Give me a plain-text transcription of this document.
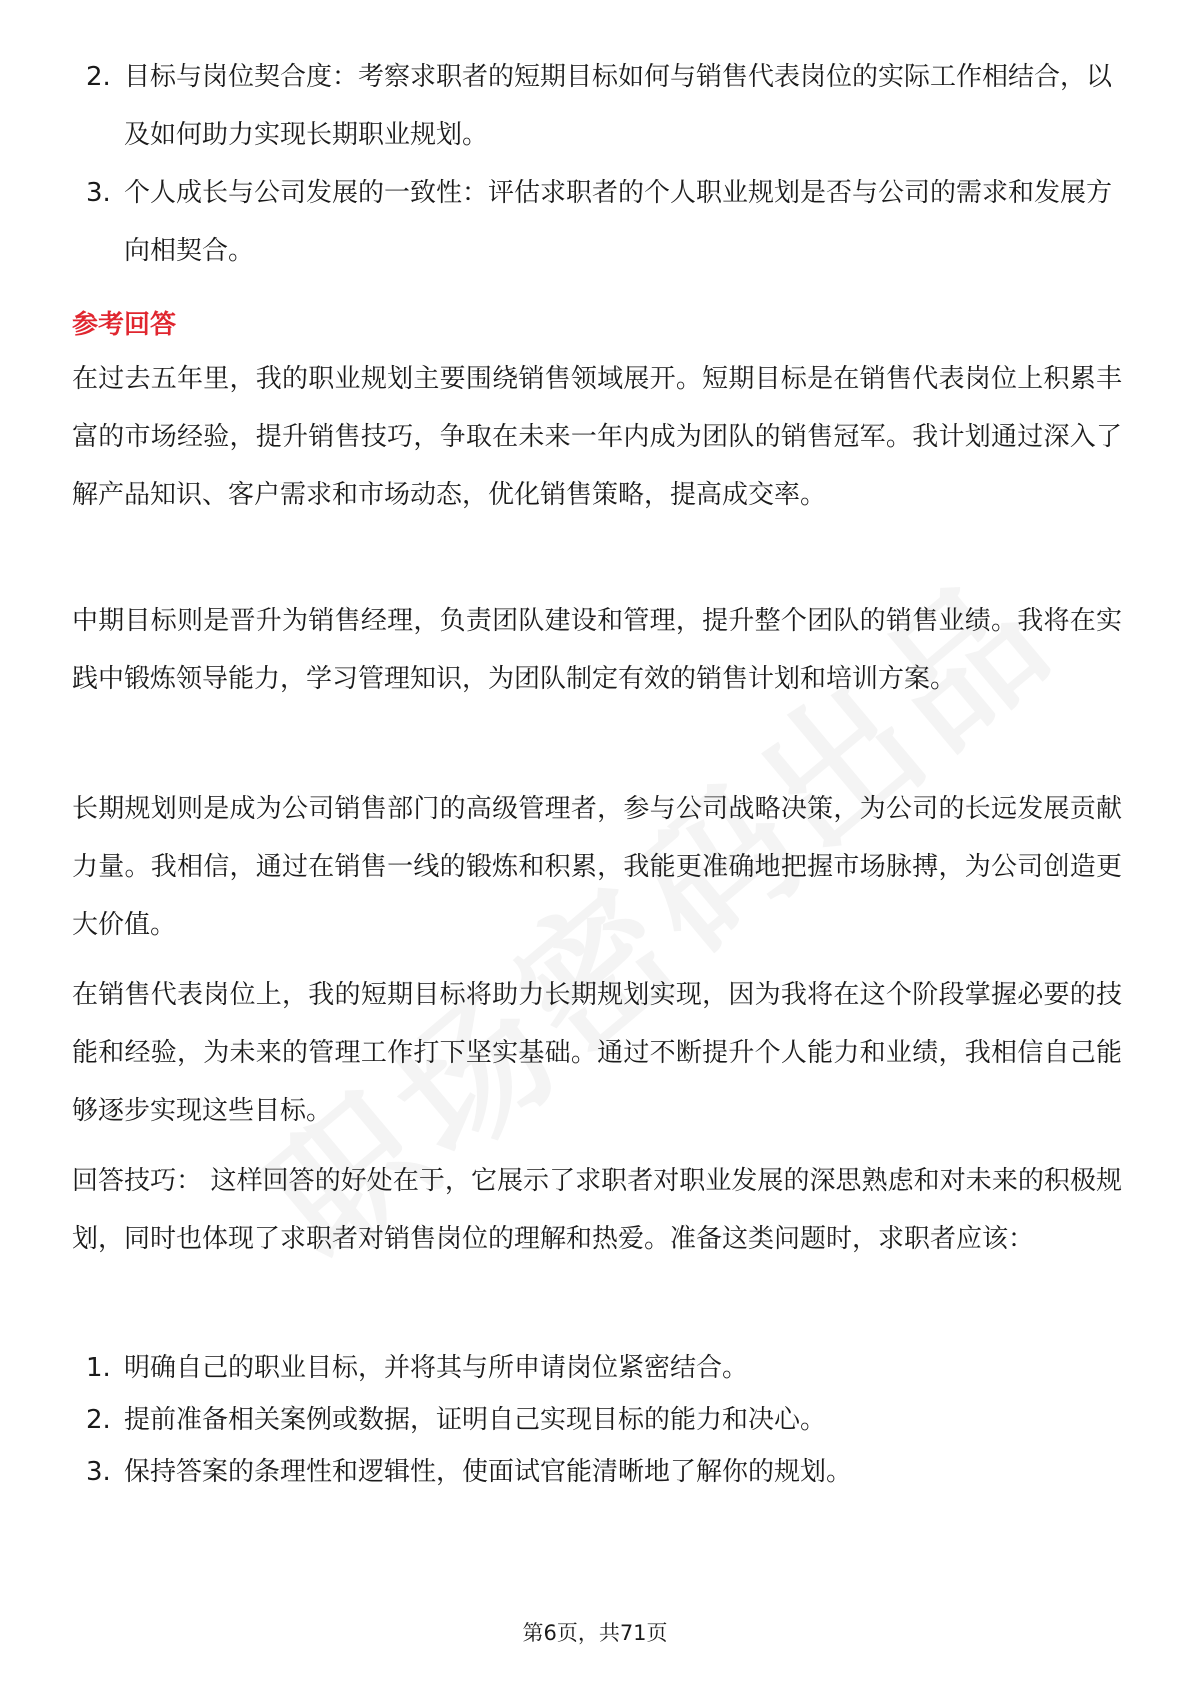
2. 目标与岗位契合度：考察求职者的短期目标如何与销售代表岗位的实际工作相结合，以及如何助力实现长期职业规划。
3. 个人成长与公司发展的一致性：评估求职者的个人职业规划是否与公司的需求和发展方向相契合。
参考回答

在过去五年里，我的职业规划主要围绕销售领域展开。短期目标是在销售代表岗位上积累丰富的市场经验，提升销售技巧，争取在未来一年内成为团队的销售冠军。我计划通过深入了解产品知识、客户需求和市场动态，优化销售策略，提高成交率。

中期目标则是晋升为销售经理，负责团队建设和管理，提升整个团队的销售业绩。我将在实践中锻炼领导能力，学习管理知识，为团队制定有效的销售计划和培训方案。

长期规划则是成为公司销售部门的高级管理者，参与公司战略决策，为公司的长远发展贡献力量。我相信，通过在销售一线的锻炼和积累，我能更准确地把握市场脉搏，为公司创造更大价值。

在销售代表岗位上，我的短期目标将助力长期规划实现，因为我将在这个阶段掌握必要的技能和经验，为未来的管理工作打下坚实基础。通过不断提升个人能力和业绩，我相信自己能够逐步实现这些目标。

回答技巧： 这样回答的好处在于，它展示了求职者对职业发展的深思熟虑和对未来的积极规划，同时也体现了求职者对销售岗位的理解和热爱。准备这类问题时，求职者应该：

1. 明确自己的职业目标，并将其与所申请岗位紧密结合。
2. 提前准备相关案例或数据，证明自己实现目标的能力和决心。
3. 保持答案的条理性和逻辑性，使面试官能清晰地了解你的规划。
第6页，共71页
